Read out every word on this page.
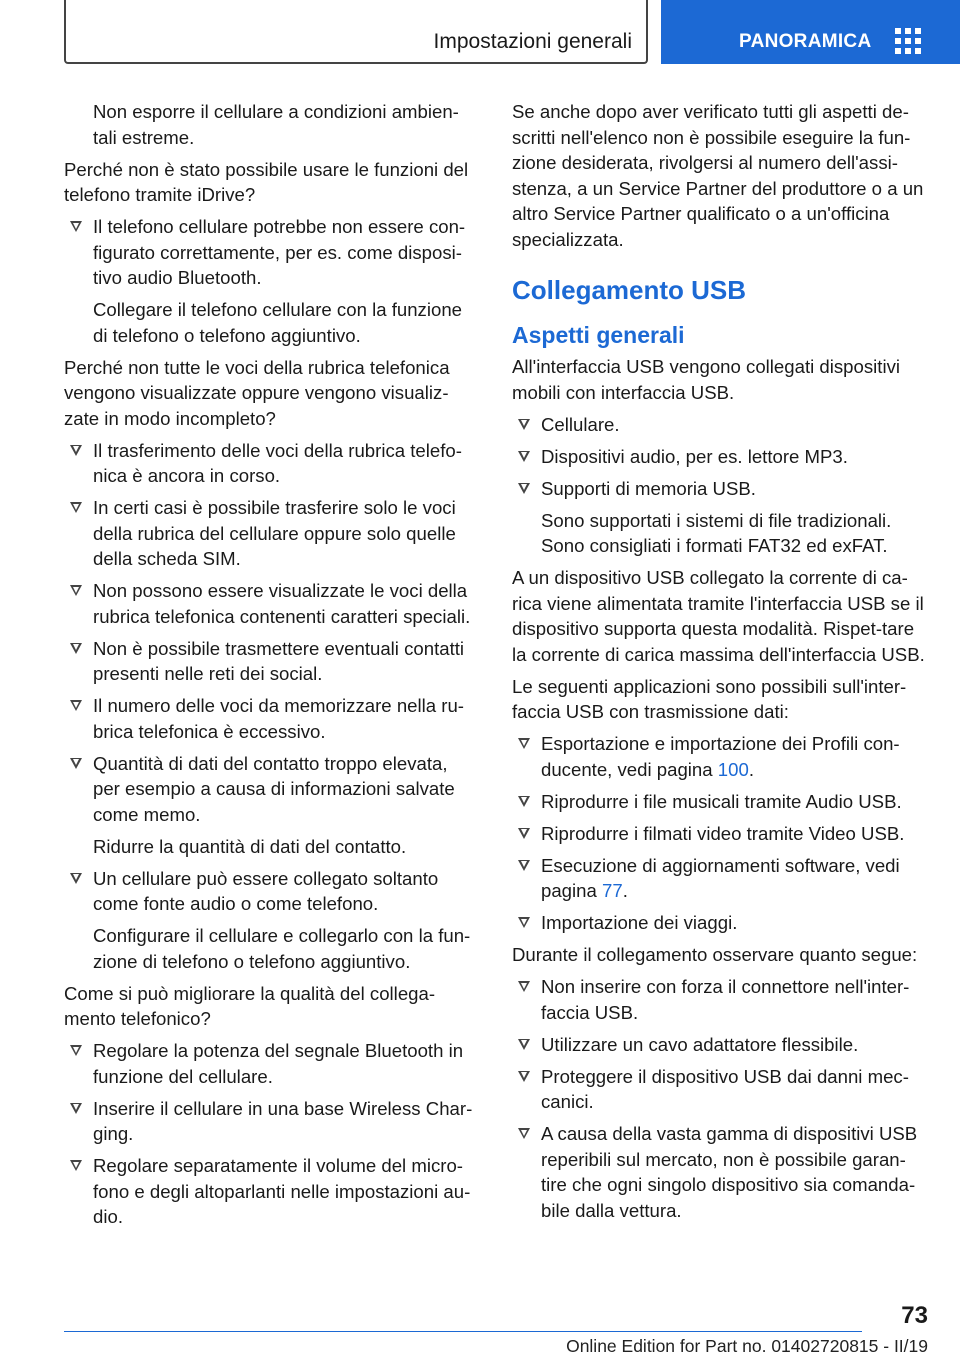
Impostazioni generali	PANORAMICA

Non esporre il cellulare a condizioni ambien-
tali estreme.

Perché non è stato possibile usare le funzioni del telefono tramite iDrive?

Il telefono cellulare potrebbe non essere con-figurato correttamente, per es. come disposi-tivo audio Bluetooth.

Collegare il telefono cellulare con la funzione di telefono o telefono aggiuntivo.

Perché non tutte le voci della rubrica telefonica vengono visualizzate oppure vengono visualiz-zate in modo incompleto?

Il trasferimento delle voci della rubrica telefo-nica è ancora in corso.
In certi casi è possibile trasferire solo le voci della rubrica del cellulare oppure solo quelle della scheda SIM.
Non possono essere visualizzate le voci della rubrica telefonica contenenti caratteri speciali.
Non è possibile trasmettere eventuali contatti presenti nelle reti dei social.
Il numero delle voci da memorizzare nella ru-brica telefonica è eccessivo.
Quantità di dati del contatto troppo elevata, per esempio a causa di informazioni salvate come memo.

Ridurre la quantità di dati del contatto.

Un cellulare può essere collegato soltanto come fonte audio o come telefono.

Configurare il cellulare e collegarlo con la fun-zione di telefono o telefono aggiuntivo.

Come si può migliorare la qualità del collega-mento telefonico?

Regolare la potenza del segnale Bluetooth in funzione del cellulare.
Inserire il cellulare in una base Wireless Char-ging.
Regolare separatamente il volume del micro-fono e degli altoparlanti nelle impostazioni au-dio.

Se anche dopo aver verificato tutti gli aspetti de-scritti nell'elenco non è possibile eseguire la fun-zione desiderata, rivolgersi al numero dell'assi-stenza, a un Service Partner del produttore o a un altro Service Partner qualificato o a un'officina specializzata.

Collegamento USB
Aspetti generali

All'interfaccia USB vengono collegati dispositivi mobili con interfaccia USB.

Cellulare.
Dispositivi audio, per es. lettore MP3.
Supporti di memoria USB.

Sono supportati i sistemi di file tradizionali. Sono consigliati i formati FAT32 ed exFAT.

A un dispositivo USB collegato la corrente di ca-rica viene alimentata tramite l'interfaccia USB se il dispositivo supporta questa modalità. Rispet-tare la corrente di carica massima dell'interfaccia USB.

Le seguenti applicazioni sono possibili sull'inter-faccia USB con trasmissione dati:

Esportazione e importazione dei Profili con-ducente, vedi pagina 100.
Riprodurre i file musicali tramite Audio USB.
Riprodurre i filmati video tramite Video USB.
Esecuzione di aggiornamenti software, vedi pagina 77.
Importazione dei viaggi.

Durante il collegamento osservare quanto segue:

Non inserire con forza il connettore nell'inter-faccia USB.
Utilizzare un cavo adattatore flessibile.
Proteggere il dispositivo USB dai danni mec-canici.
A causa della vasta gamma di dispositivi USB reperibili sul mercato, non è possibile garan-tire che ogni singolo dispositivo sia comanda-bile dalla vettura.
73
Online Edition for Part no. 01402720815 - II/19
